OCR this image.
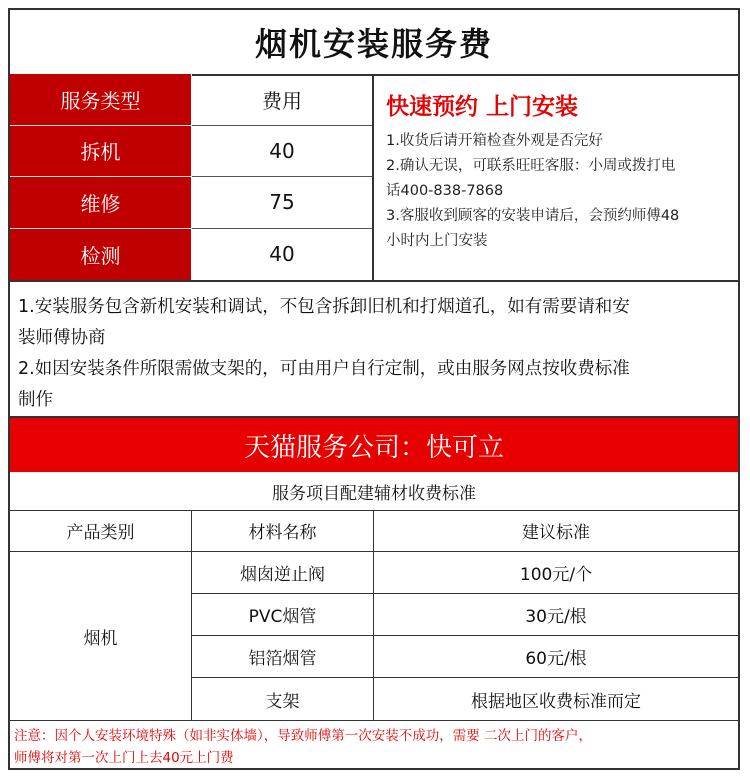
烟机安装服务费
服务类型	费用
拆机	40
维修	75
检测	40
快速预约 上门安装
1.收货后请开箱检查外观是否完好
2.确认无误，可联系旺旺客服：小周或拨打电
话400-838-7868
3.客服收到顾客的安装申请后，会预约师傅48
小时内上门安装
1.安装服务包含新机安装和调试，不包含拆卸旧机和打烟道孔，如有需要请和安
装师傅协商
2.如因安装条件所限需做支架的，可由用户自行定制，或由服务网点按收费标准
制作
天猫服务公司：快可立
服务项目配建辅材收费标准
产品类别	材料名称	建议标准
烟机
烟囱逆止阀	100元/个
PVC烟管	30元/根
铝箔烟管	60元/根
支架	根据地区收费标准而定
注意：因个人安装环境特殊（如非实体墙），导致师傅第一次安装不成功，需要 二次上门的客户，
师傅将对第一次上门上去40元上门费
